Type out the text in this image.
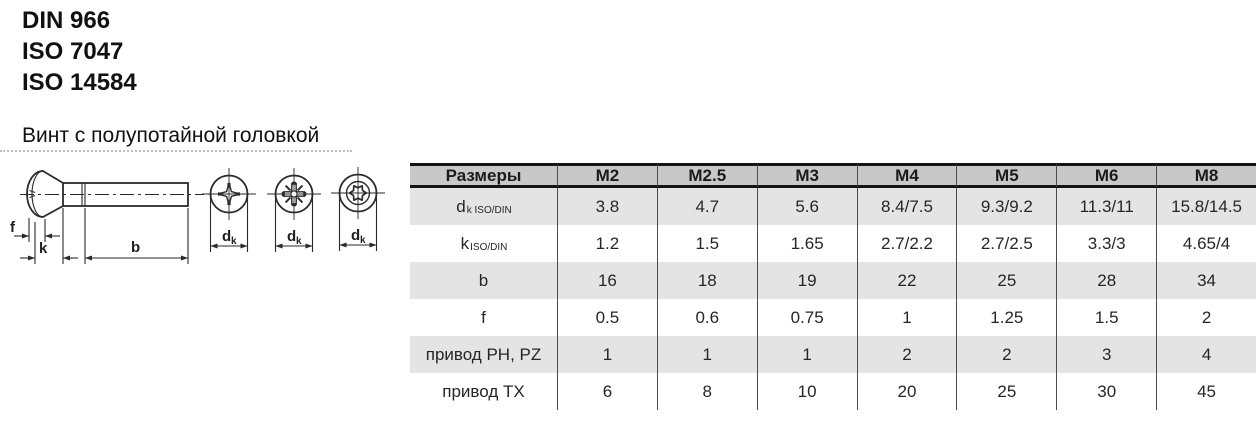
DIN 966
ISO 7047
ISO 14584
Винт с полупотайной головкой
f
k	b
d k	d k	d k
Размеры	M2	M2.5	M3	M4	M5	M6	M8
$d_{k ISO/DIN}$	3.8	4.7	5.6	8.4/7.5	9.3/9.2	11.3/11	15.8/14.5
$k_{ISO/DIN}$	1.2	1.5	1.65	2.7/2.2	2.7/2.5	3.3/3	4.65/4
b	16	18	19	22	25	28	34
f	0.5	0.6	0.75	1	1.25	1.5	2
привод PH, PZ	1	1	1	2	2	3	4
привод TX	6	8	10	20	25	30	45
